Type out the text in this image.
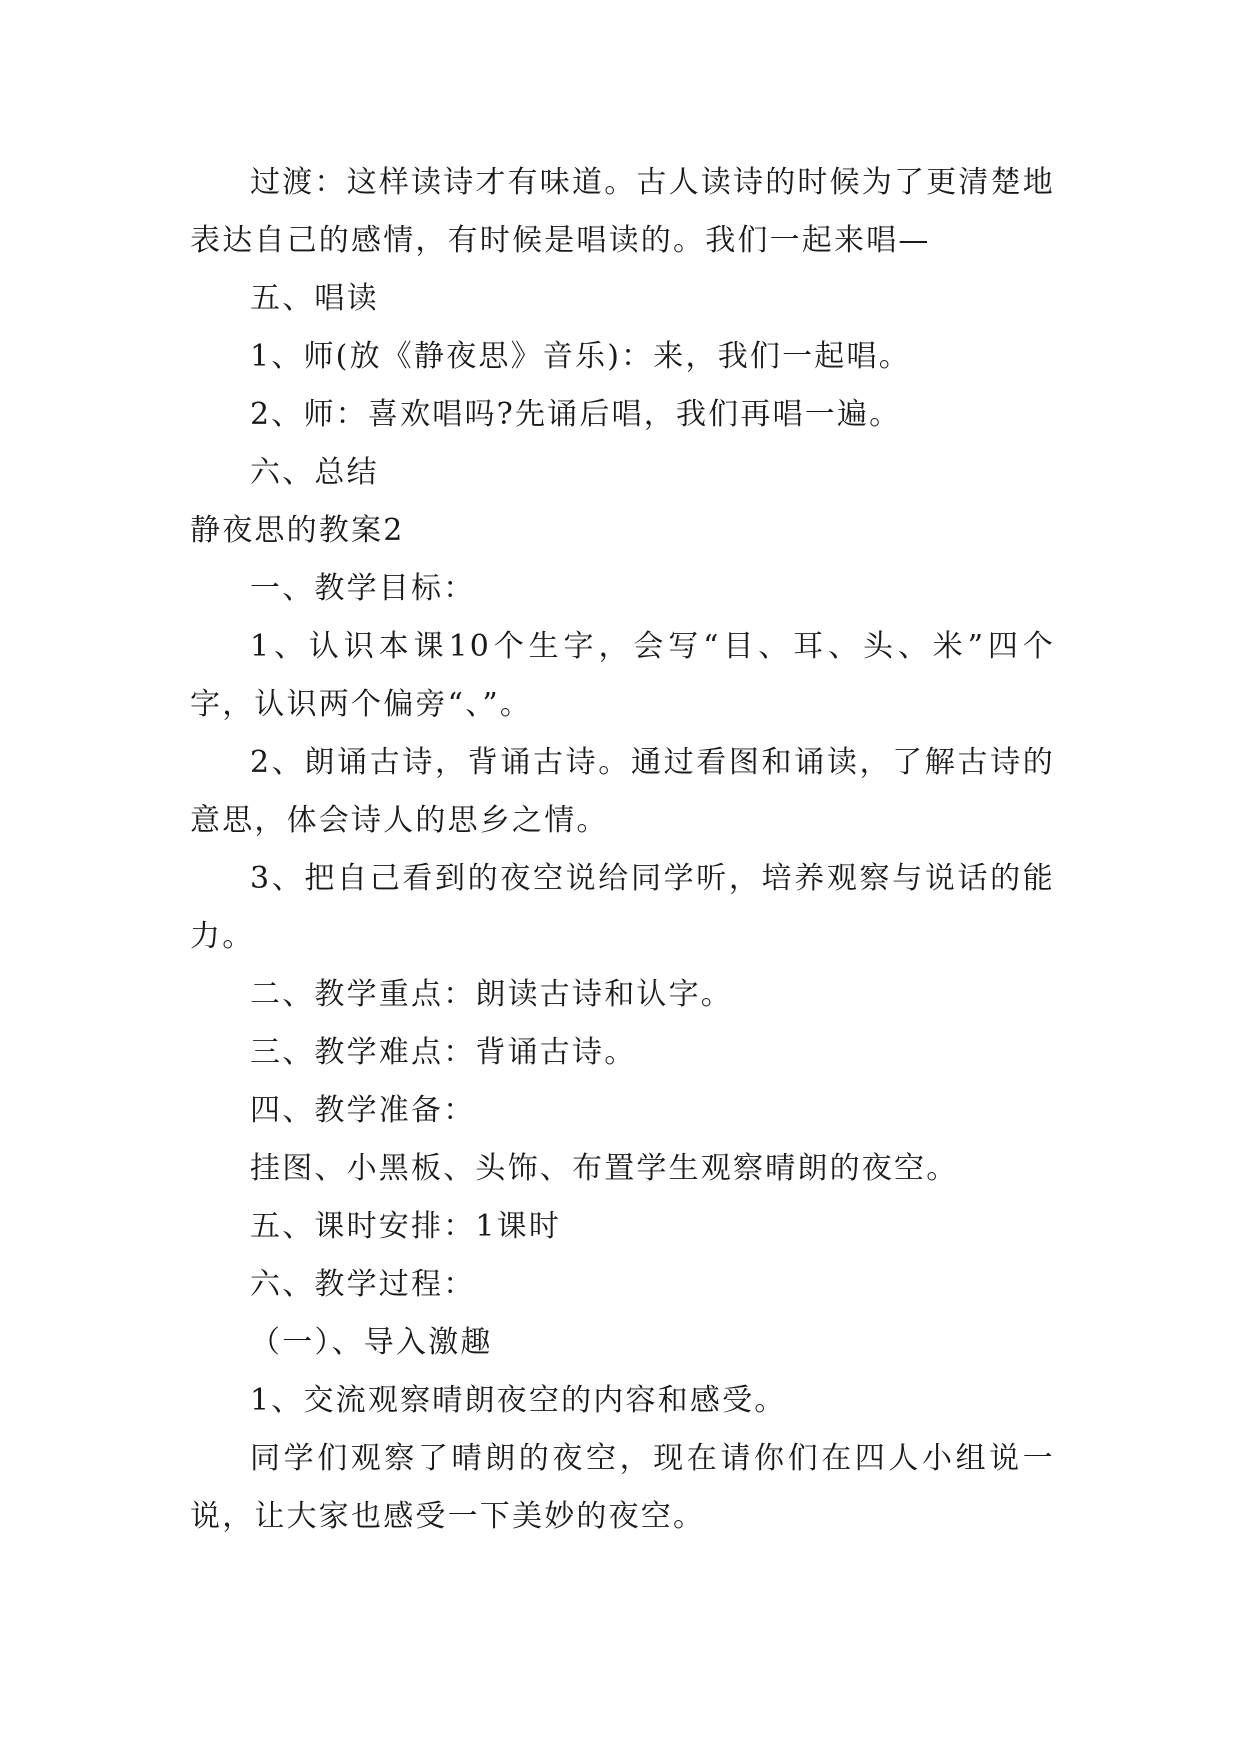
过渡：这样读诗才有味道。古人读诗的时候为了更清楚地表达自己的感情，有时候是唱读的。我们一起来唱—

五、唱读

1、师(放《静夜思》音乐)：来，我们一起唱。

2、师：喜欢唱吗?先诵后唱，我们再唱一遍。

六、总结

静夜思的教案2

一、教学目标：

1、认识本课10个生字，会写“目、耳、头、米”四个字，认识两个偏旁“、”。

2、朗诵古诗，背诵古诗。通过看图和诵读，了解古诗的意思，体会诗人的思乡之情。

3、把自己看到的夜空说给同学听，培养观察与说话的能力。

二、教学重点：朗读古诗和认字。

三、教学难点：背诵古诗。

四、教学准备：

挂图、小黑板、头饰、布置学生观察晴朗的夜空。

五、课时安排：1课时

六、教学过程：

（一）、导入激趣

1、交流观察晴朗夜空的内容和感受。

同学们观察了晴朗的夜空，现在请你们在四人小组说一说，让大家也感受一下美妙的夜空。
